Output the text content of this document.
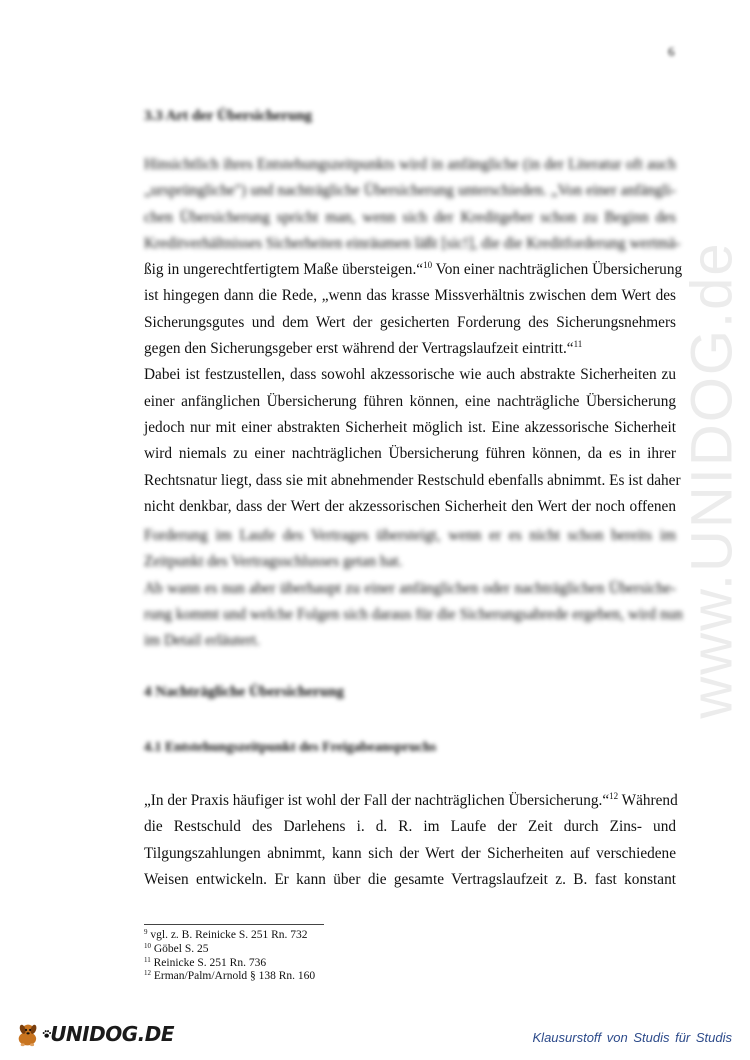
www.UNIDOG.de
6
3.3 Art der Übersicherung
Hinsichtlich ihres Entstehungszeitpunkts wird in anfängliche (in der Literatur oft auch
„ursprüngliche") und nachträgliche Übersicherung unterschieden. „Von einer anfängli-
chen Übersicherung spricht man, wenn sich der Kreditgeber schon zu Beginn des
Kreditverhältnisses Sicherheiten einräumen läßt [sic!], die die Kreditforderung wertmä-
ßig in ungerechtfertigtem Maße übersteigen.“$^{10}$ Von einer nachträglichen Übersicherung
ist hingegen dann die Rede, „wenn das krasse Missverhältnis zwischen dem Wert des
Sicherungsgutes und dem Wert der gesicherten Forderung des Sicherungsnehmers
gegen den Sicherungsgeber erst während der Vertragslaufzeit eintritt.“$^{11}$
Dabei ist festzustellen, dass sowohl akzessorische wie auch abstrakte Sicherheiten zu
einer anfänglichen Übersicherung führen können, eine nachträgliche Übersicherung
jedoch nur mit einer abstrakten Sicherheit möglich ist. Eine akzessorische Sicherheit
wird niemals zu einer nachträglichen Übersicherung führen können, da es in ihrer
Rechtsnatur liegt, dass sie mit abnehmender Restschuld ebenfalls abnimmt. Es ist daher
nicht denkbar, dass der Wert der akzessorischen Sicherheit den Wert der noch offenen
Forderung im Laufe des Vertrages übersteigt, wenn er es nicht schon bereits im
Zeitpunkt des Vertragsschlusses getan hat.
Ab wann es nun aber überhaupt zu einer anfänglichen oder nachträglichen Übersiche-
rung kommt und welche Folgen sich daraus für die Sicherungsabrede ergeben, wird nun
im Detail erläutert.
4 Nachträgliche Übersicherung
4.1 Entstehungszeitpunkt des Freigabeanspruchs
„In der Praxis häufiger ist wohl der Fall der nachträglichen Übersicherung.“$^{12}$ Während
die Restschuld des Darlehens i. d. R. im Laufe der Zeit durch Zins- und
Tilgungszahlungen abnimmt, kann sich der Wert der Sicherheiten auf verschiedene
Weisen entwickeln. Er kann über die gesamte Vertragslaufzeit z. B. fast konstant
$^9$ vgl. z. B. Reinicke S. 251 Rn. 732
$^{10}$ Göbel S. 25
$^{11}$ Reinicke S. 251 Rn. 736
$^{12}$ Erman/Palm/Arnold § 138 Rn. 160
UNIDOG.DE	Klausurstoff von Studis für Studis
